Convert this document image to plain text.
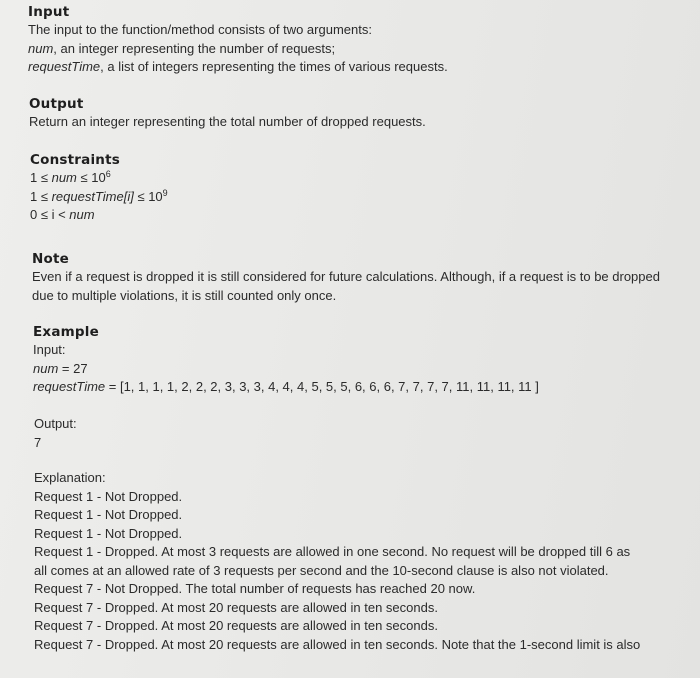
Input

The input to the function/method consists of two arguments:

num, an integer representing the number of requests;

requestTime, a list of integers representing the times of various requests.

Output

Return an integer representing the total number of dropped requests.

Constraints

1 ≤ num ≤ $10^6$

1 ≤ requestTime[i] ≤ $10^9$

0 ≤ i < num

Note

Even if a request is dropped it is still considered for future calculations. Although, if a request is to be dropped due to multiple violations, it is still counted only once.

Example

Input:

num = 27

requestTime = [1, 1, 1, 1, 2, 2, 2, 3, 3, 3, 4, 4, 4, 5, 5, 5, 6, 6, 6, 7, 7, 7, 7, 11, 11, 11, 11 ]

Output:

7

Explanation:

Request 1 - Not Dropped.

Request 1 - Not Dropped.

Request 1 - Not Dropped.

Request 1 - Dropped. At most 3 requests are allowed in one second. No request will be dropped till 6 as

all comes at an allowed rate of 3 requests per second and the 10-second clause is also not violated.

Request 7 - Not Dropped. The total number of requests has reached 20 now.

Request 7 - Dropped. At most 20 requests are allowed in ten seconds.

Request 7 - Dropped. At most 20 requests are allowed in ten seconds.

Request 7 - Dropped. At most 20 requests are allowed in ten seconds. Note that the 1-second limit is also
